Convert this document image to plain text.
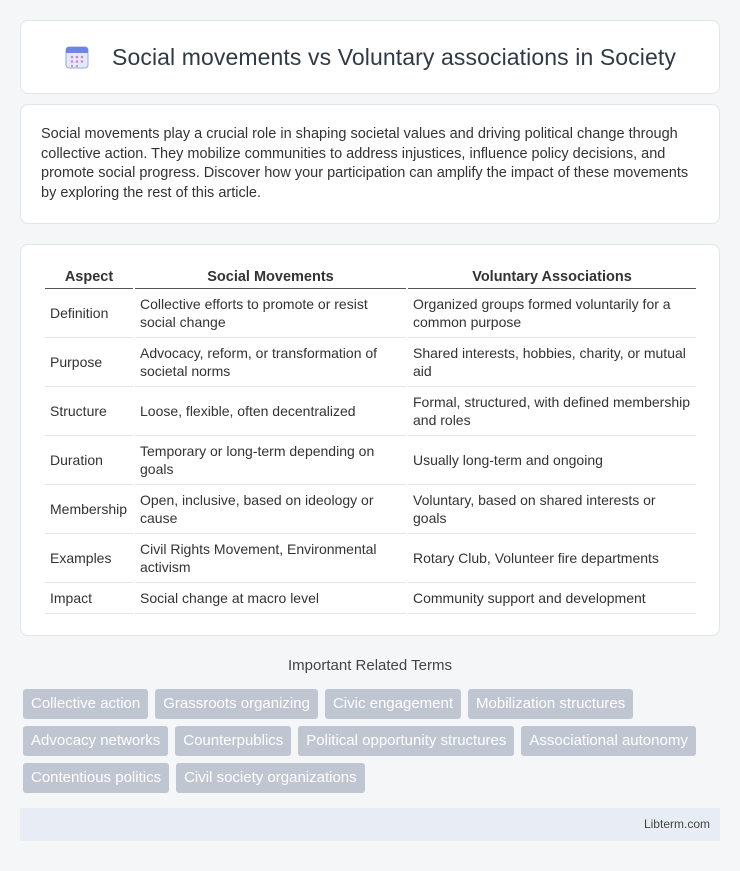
Social movements vs Voluntary associations in Society

Social movements play a crucial role in shaping societal values and driving political change through collective action. They mobilize communities to address injustices, influence policy decisions, and promote social progress. Discover how your participation can amplify the impact of these movements by exploring the rest of this article.

Aspect	Social Movements	Voluntary Associations
Definition	Collective efforts to promote or resist social change	Organized groups formed voluntarily for a common purpose
Purpose	Advocacy, reform, or transformation of societal norms	Shared interests, hobbies, charity, or mutual aid
Structure	Loose, flexible, often decentralized	Formal, structured, with defined membership and roles
Duration	Temporary or long-term depending on goals	Usually long-term and ongoing
Membership	Open, inclusive, based on ideology or cause	Voluntary, based on shared interests or goals
Examples	Civil Rights Movement, Environmental activism	Rotary Club, Volunteer fire departments
Impact	Social change at macro level	Community support and development
Important Related Terms
Collective action	Grassroots organizing	Civic engagement	Mobilization structures
Advocacy networks	Counterpublics	Political opportunity structures	Associational autonomy
Contentious politics	Civil society organizations
Libterm.com
